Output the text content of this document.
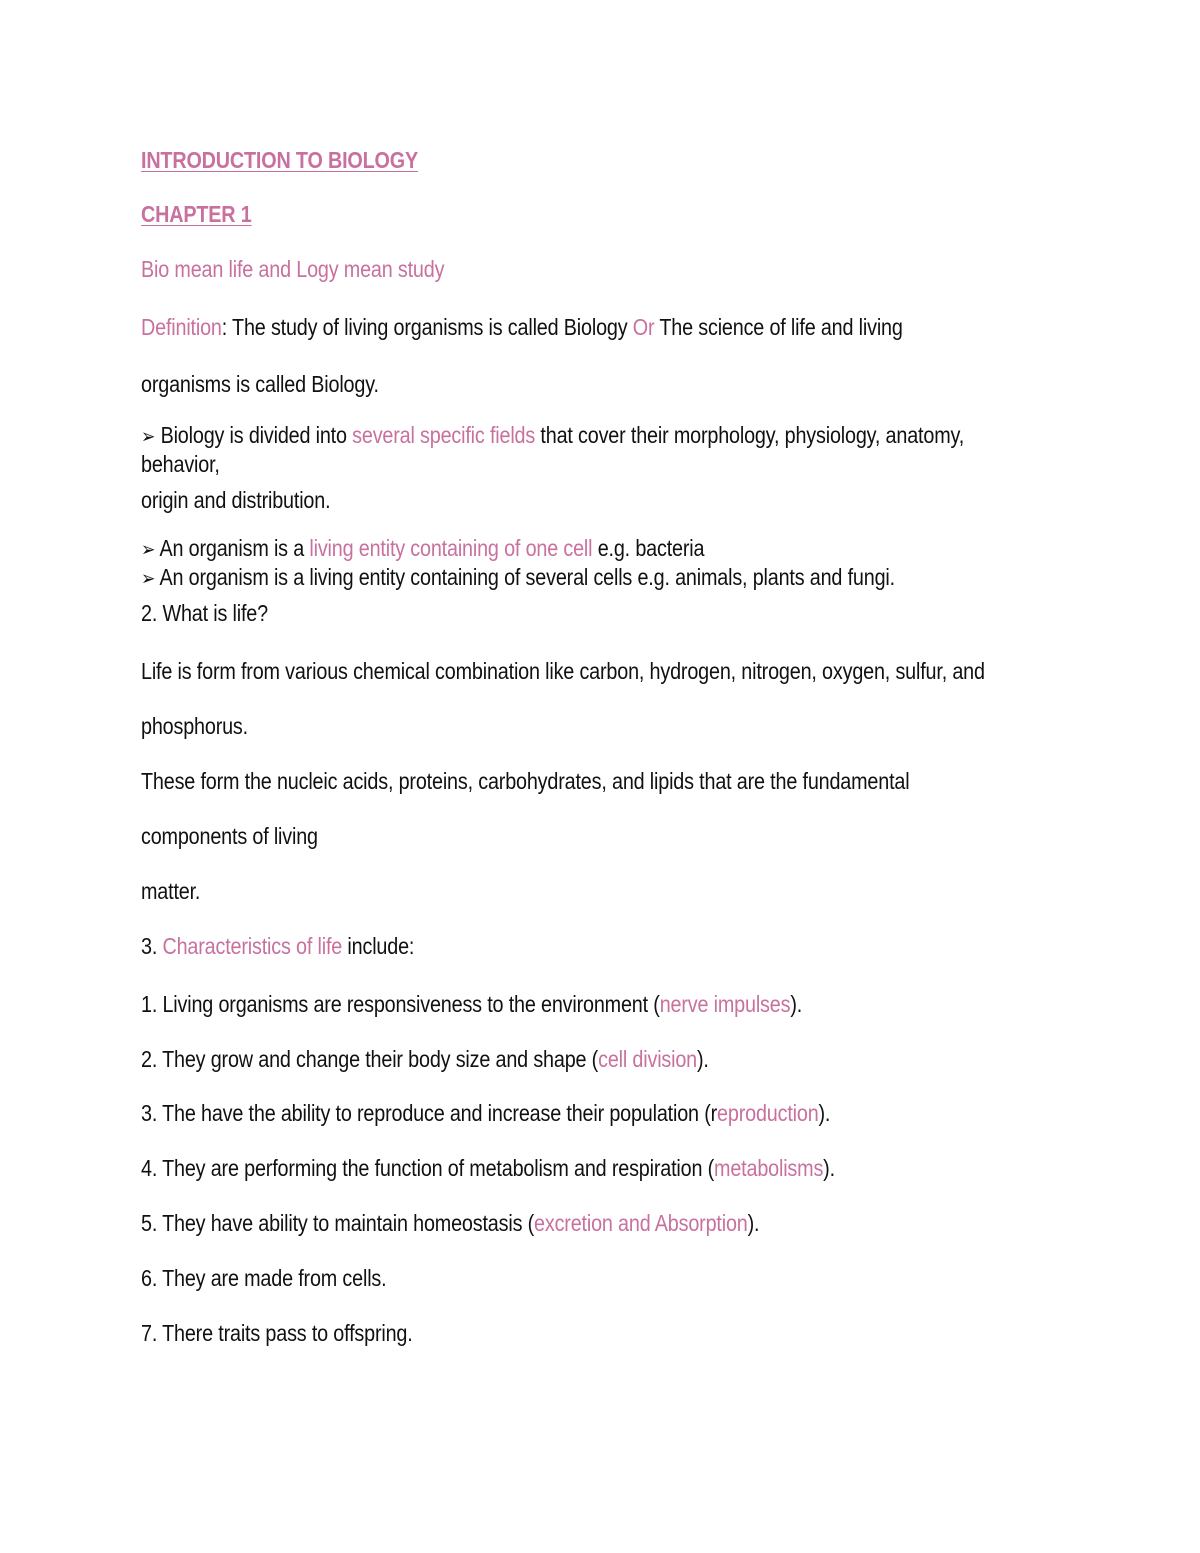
INTRODUCTION TO BIOLOGY
CHAPTER 1
Bio mean life and Logy mean study
Definition: The study of living organisms is called Biology Or The science of life and living
organisms is called Biology.
➢ Biology is divided into several specific fields that cover their morphology, physiology, anatomy,
behavior,
origin and distribution.
➢ An organism is a living entity containing of one cell e.g. bacteria
➢ An organism is a living entity containing of several cells e.g. animals, plants and fungi.
2. What is life?
Life is form from various chemical combination like carbon, hydrogen, nitrogen, oxygen, sulfur, and
phosphorus.
These form the nucleic acids, proteins, carbohydrates, and lipids that are the fundamental
components of living
matter.
3. Characteristics of life include:
1. Living organisms are responsiveness to the environment (nerve impulses).
2. They grow and change their body size and shape (cell division).
3. The have the ability to reproduce and increase their population (reproduction).
4. They are performing the function of metabolism and respiration (metabolisms).
5. They have ability to maintain homeostasis (excretion and Absorption).
6. They are made from cells.
7. There traits pass to offspring.
